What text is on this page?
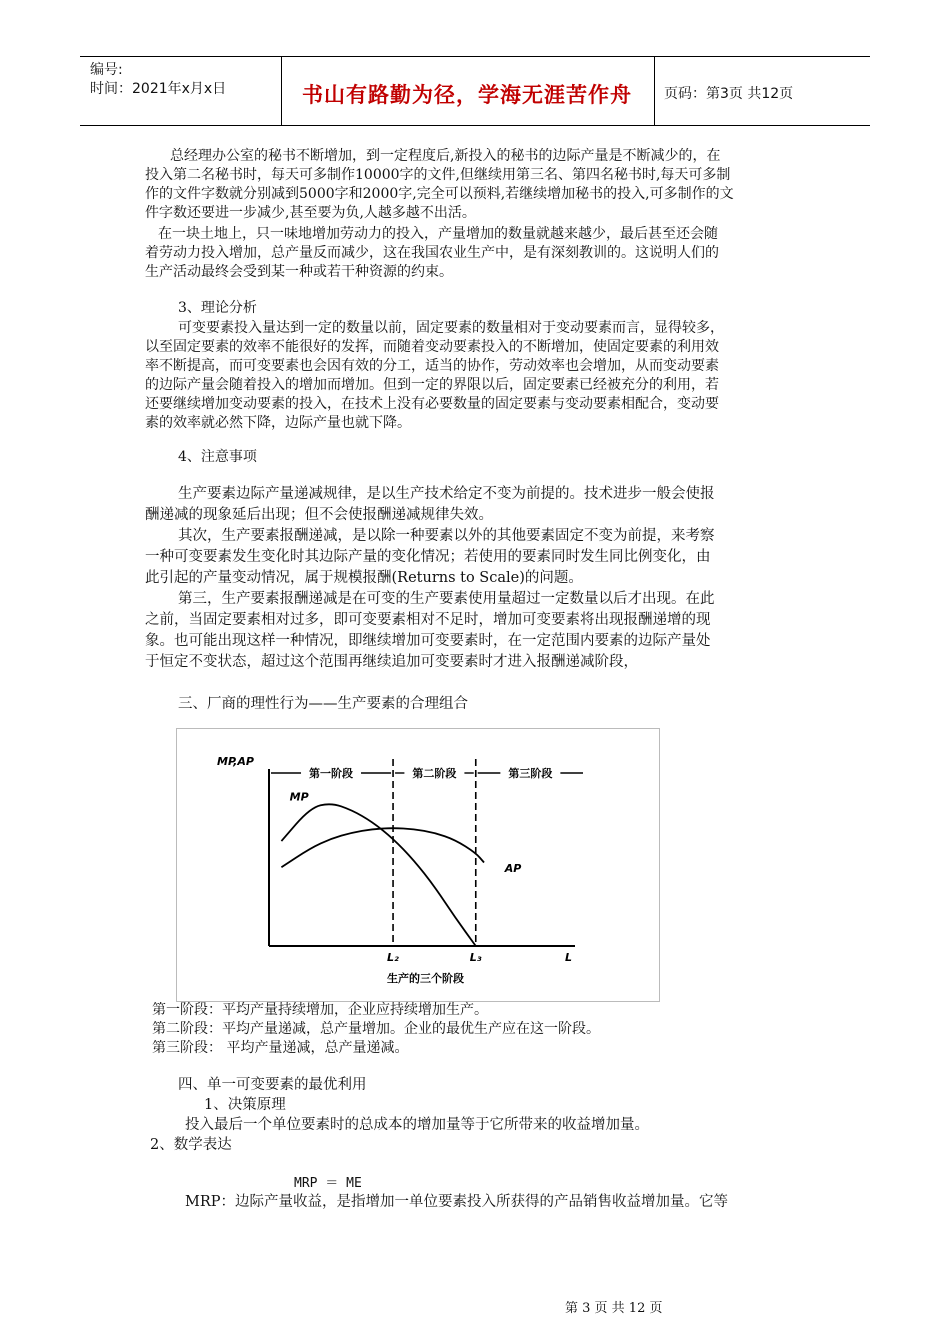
编号:
时间：2021年x月x日	书山有路勤为径，学海无涯苦作舟	页码：第3页 共12页
总经理办公室的秘书不断增加，到一定程度后,新投入的秘书的边际产量是不断减少的，在
投入第二名秘书时，每天可多制作10000字的文件,但继续用第三名、第四名秘书时,每天可多制
作的文件字数就分别减到5000字和2000字,完全可以预料,若继续增加秘书的投入,可多制作的文
件字数还要进一步减少,甚至要为负,人越多越不出活。
在一块土地上，只一味地增加劳动力的投入，产量增加的数量就越来越少，最后甚至还会随
着劳动力投入增加，总产量反而减少，这在我国农业生产中，是有深刻教训的。这说明人们的
生产活动最终会受到某一种或若干种资源的约束。
3、理论分析
可变要素投入量达到一定的数量以前，固定要素的数量相对于变动要素而言，显得较多，
以至固定要素的效率不能很好的发挥，而随着变动要素投入的不断增加，使固定要素的利用效
率不断提高，而可变要素也会因有效的分工，适当的协作，劳动效率也会增加，从而变动要素
的边际产量会随着投入的增加而增加。但到一定的界限以后，固定要素已经被充分的利用，若
还要继续增加变动要素的投入，在技术上没有必要数量的固定要素与变动要素相配合，变动要
素的效率就必然下降，边际产量也就下降。
4、注意事项
生产要素边际产量递减规律，是以生产技术给定不变为前提的。技术进步一般会使报
酬递减的现象延后出现；但不会使报酬递减规律失效。
其次，生产要素报酬递减，是以除一种要素以外的其他要素固定不变为前提，来考察
一种可变要素发生变化时其边际产量的变化情况；若使用的要素同时发生同比例变化，由
此引起的产量变动情况，属于规模报酬(Returns to Scale)的问题。
第三，生产要素报酬递减是在可变的生产要素使用量超过一定数量以后才出现。在此
之前，当固定要素相对过多，即可变要素相对不足时，增加可变要素将出现报酬递增的现
象。也可能出现这样一种情况，即继续增加可变要素时，在一定范围内要素的边际产量处
于恒定不变状态，超过这个范围再继续追加可变要素时才进入报酬递减阶段，
三、厂商的理性行为——生产要素的合理组合
MP,AP
L
第一阶段	第二阶段	第三阶段
L₂	L₃
MP
AP
生产的三个阶段
第一阶段：平均产量持续增加，企业应持续增加生产。
第二阶段：平均产量递减，总产量增加。企业的最优生产应在这一阶段。
第三阶段： 平均产量递减，总产量递减。
四、单一可变要素的最优利用
1、决策原理
投入最后一个单位要素时的总成本的增加量等于它所带来的收益增加量。
2、数学表达
MRP ＝ ME
MRP：边际产量收益，是指增加一单位要素投入所获得的产品销售收益增加量。它等
第 3 页 共 12 页
